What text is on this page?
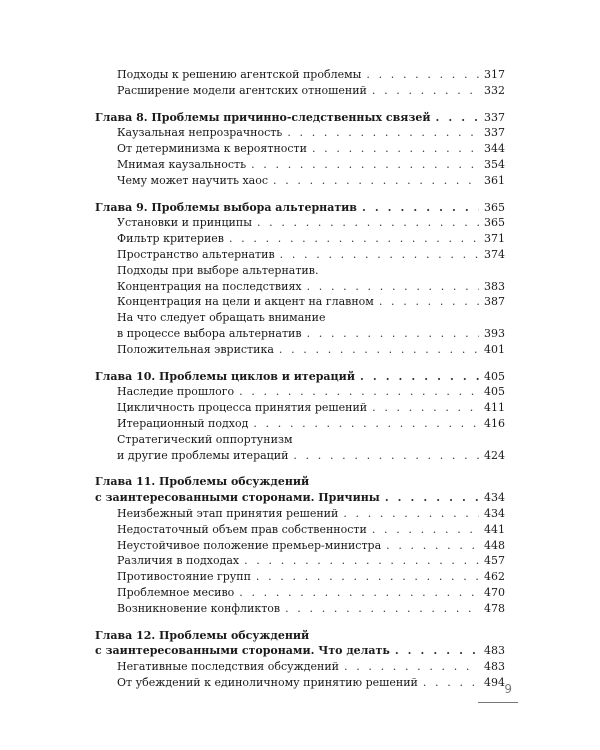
Подходы к решению агентской проблемы . . .	317
Расширение модели агентских отношений . . .	332
Глава 8. Проблемы причинно-следственных связей . . .	337
Каузальная непрозрачность . . .	337
От детерминизма к вероятности . . .	344
Мнимая каузальность . . .	354
Чему может научить хаос . . .	361
Глава 9. Проблемы выбора альтернатив . . .	365
Установки и принципы . . .	365
Фильтр критериев . . .	371
Пространство альтернатив . . .	374
Подходы при выборе альтернатив.
Концентрация на последствиях . . .	383
Концентрация на цели и акцент на главном . . .	387
На что следует обращать внимание
в процессе выбора альтернатив . . .	393
Положительная эвристика . . .	401
Глава 10. Проблемы циклов и итераций . . .	405
Наследие прошлого . . .	405
Цикличность процесса принятия решений . . .	411
Итерационный подход . . .	416
Стратегический оппортунизм
и другие проблемы итераций . . .	424
Глава 11. Проблемы обсуждений
с заинтересованными сторонами. Причины . . .	434
Неизбежный этап принятия решений . . .	434
Недостаточный объем прав собственности . . .	441
Неустойчивое положение премьер-министра . . .	448
Различия в подходах . . .	457
Противостояние групп . . .	462
Проблемное месиво . . .	470
Возникновение конфликтов . . .	478
Глава 12. Проблемы обсуждений
с заинтересованными сторонами. Что делать . . .	483
Негативные последствия обсуждений . . .	483
От убеждений к единоличному принятию решений . . .	494 9
